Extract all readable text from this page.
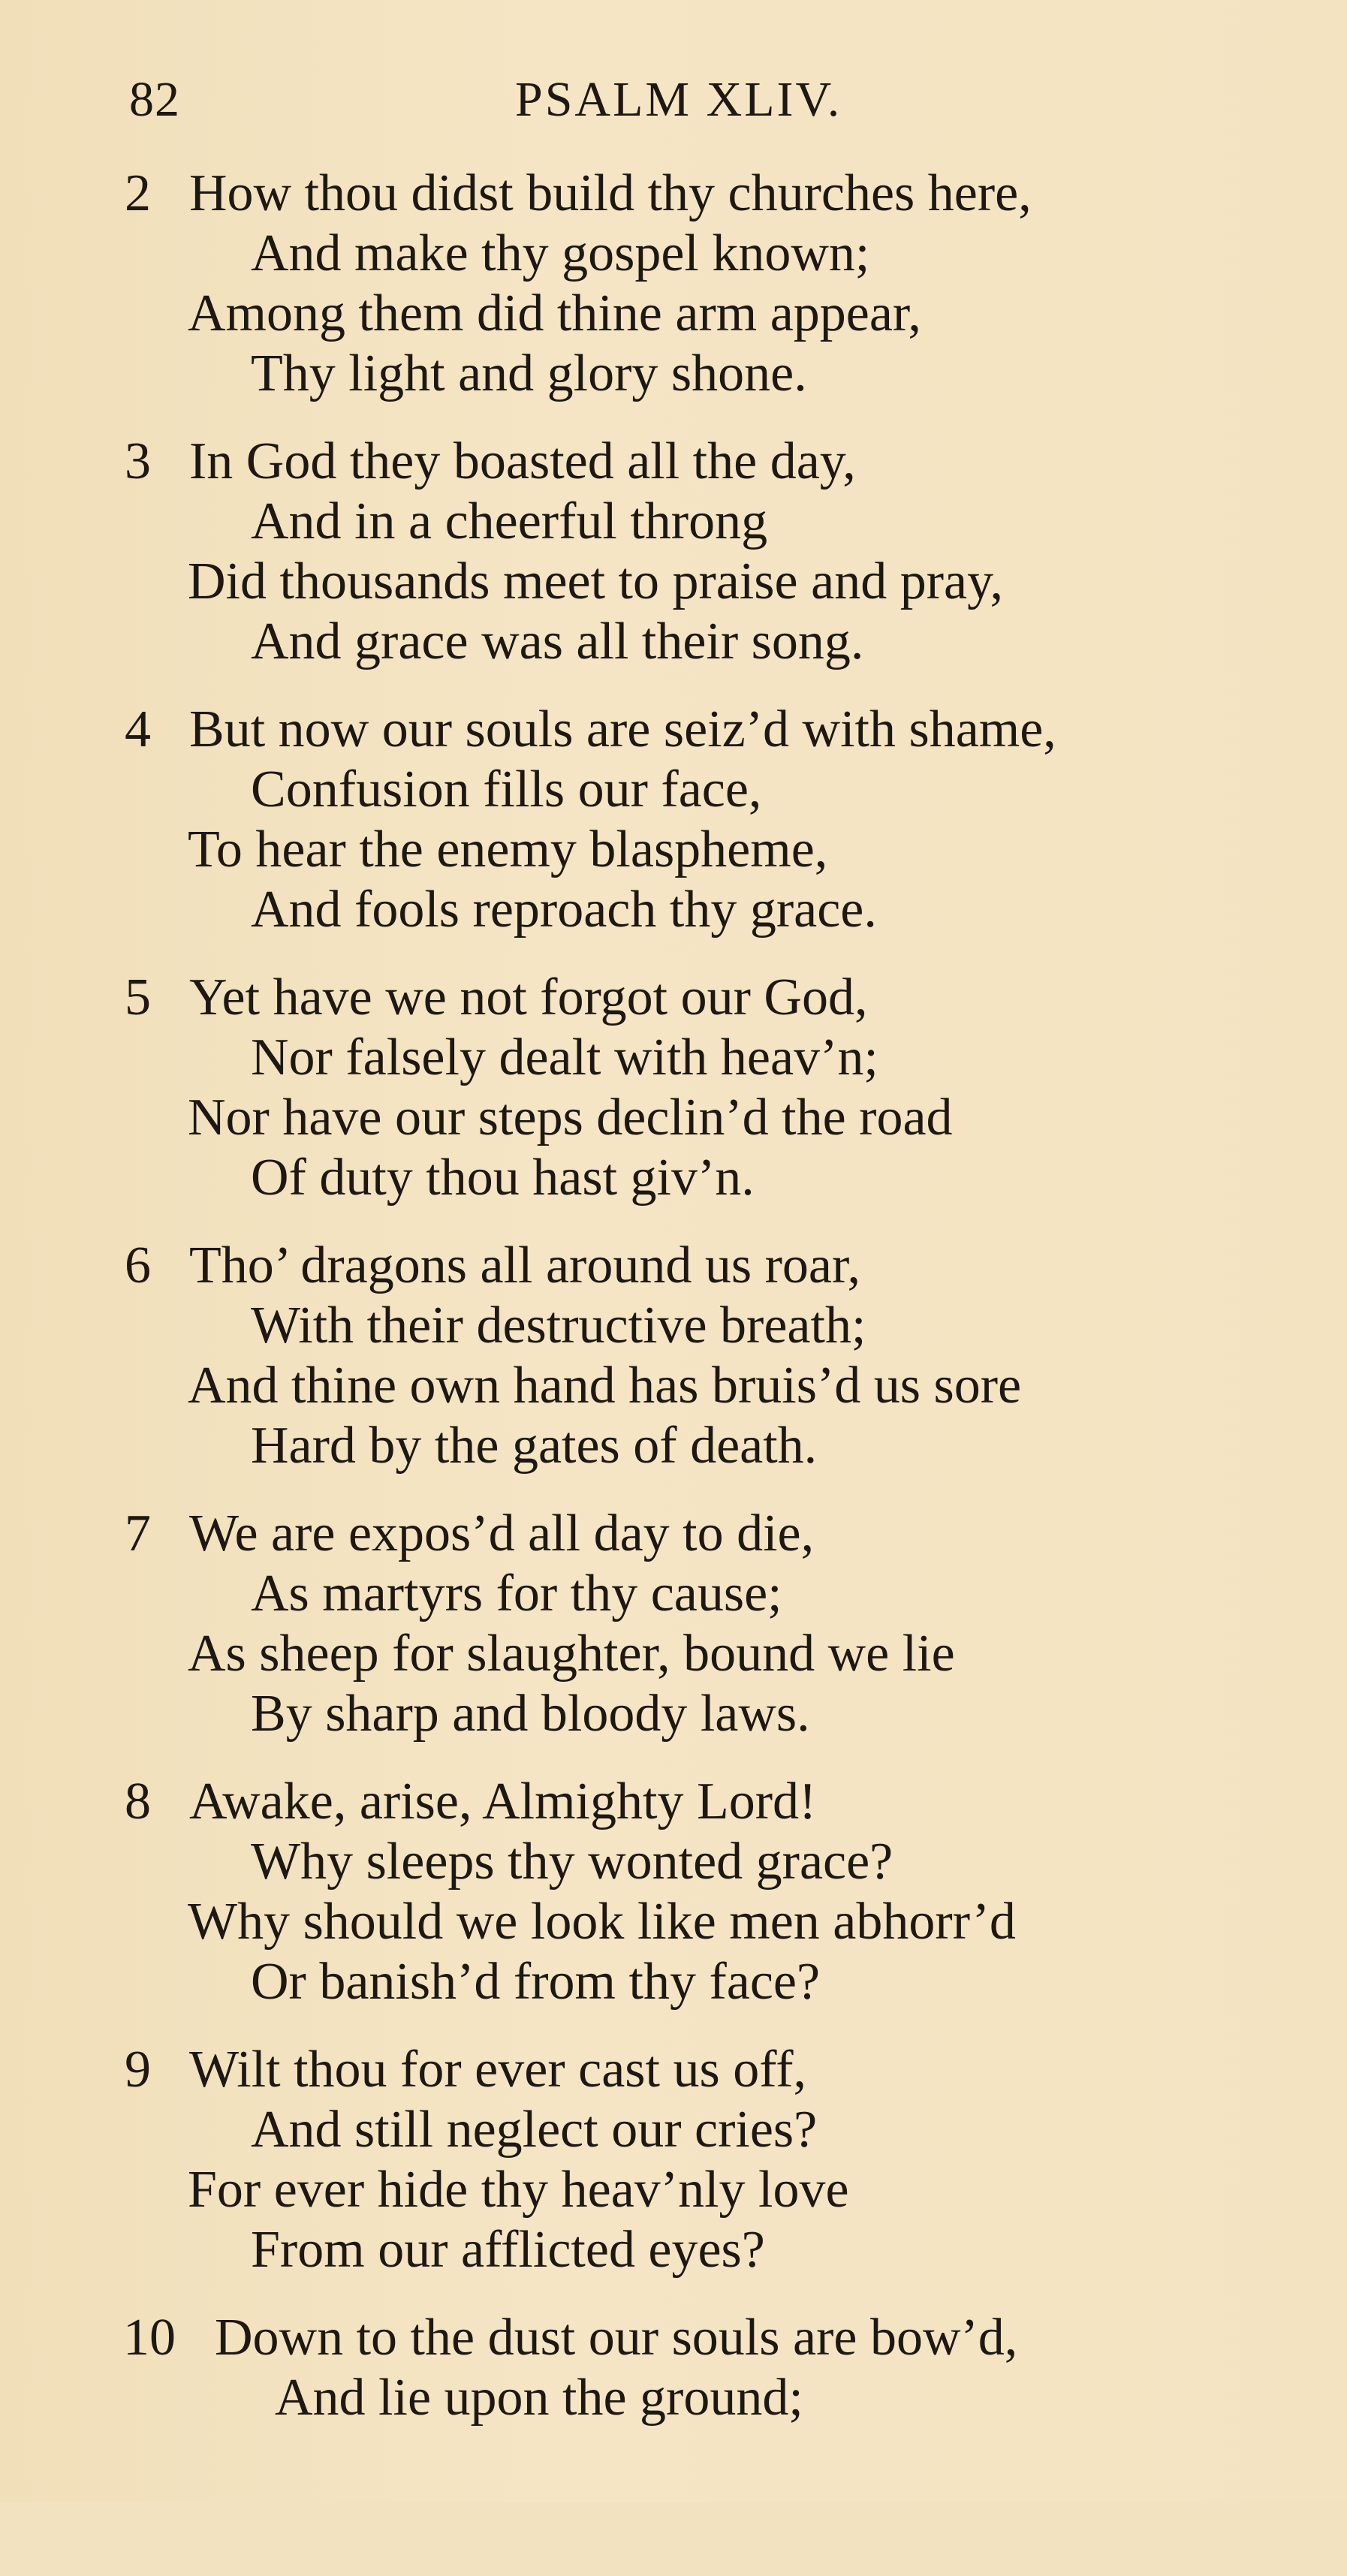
82	PSALM XLIV.
2 How thou didst build thy churches here,
And make thy gospel known;
Among them did thine arm appear,
Thy light and glory shone.
3 In God they boasted all the day,
And in a cheerful throng
Did thousands meet to praise and pray,
And grace was all their song.
4 But now our souls are seiz’d with shame,
Confusion fills our face,
To hear the enemy blaspheme,
And fools reproach thy grace.
5 Yet have we not forgot our God,
Nor falsely dealt with heav’n;
Nor have our steps declin’d the road
Of duty thou hast giv’n.
6 Tho’ dragons all around us roar,
With their destructive breath;
And thine own hand has bruis’d us sore
Hard by the gates of death.
7 We are expos’d all day to die,
As martyrs for thy cause;
As sheep for slaughter, bound we lie
By sharp and bloody laws.
8 Awake, arise, Almighty Lord!
Why sleeps thy wonted grace?
Why should we look like men abhorr’d
Or banish’d from thy face?
9 Wilt thou for ever cast us off,
And still neglect our cries?
For ever hide thy heav’nly love
From our afflicted eyes?
10 Down to the dust our souls are bow’d,
And lie upon the ground;
